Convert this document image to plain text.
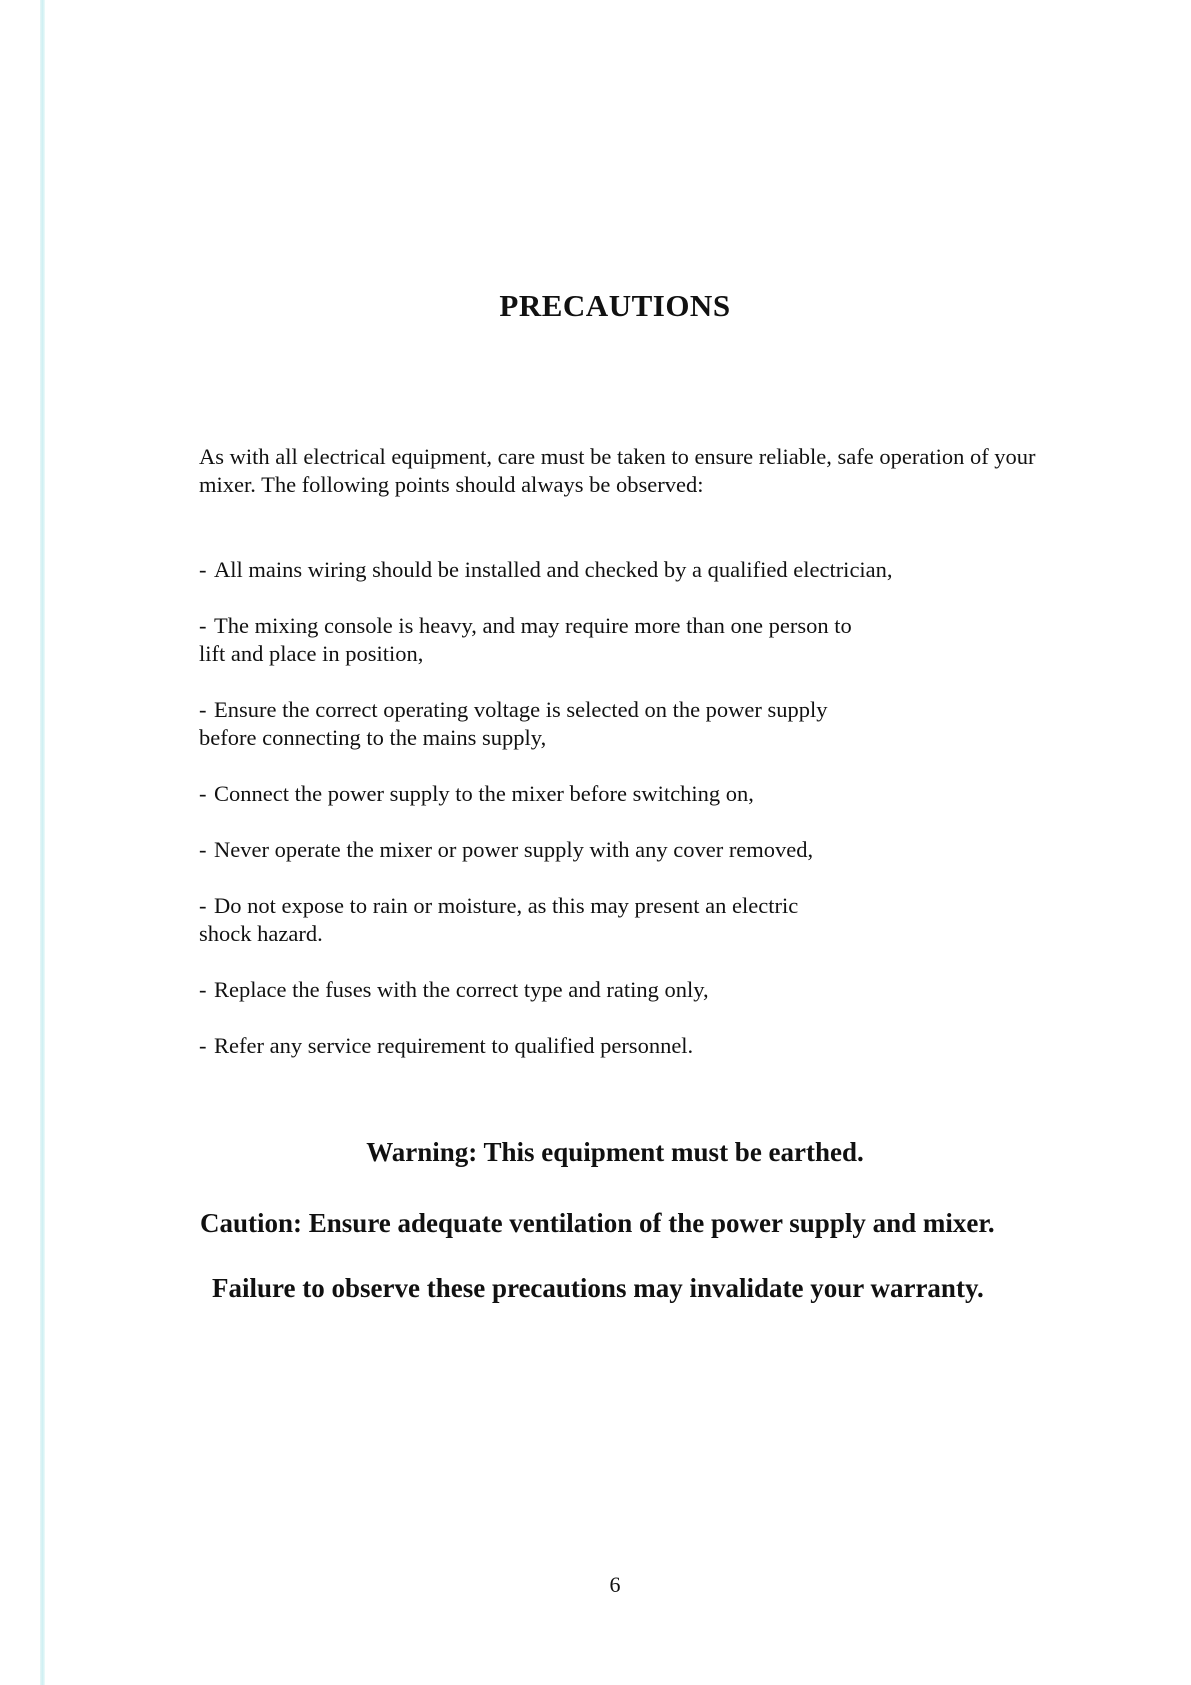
PRECAUTIONS

As with all electrical equipment, care must be taken to ensure reliable, safe operation of your mixer. The following points should always be observed:

- All mains wiring should be installed and checked by a qualified electrician,
- The mixing console is heavy, and may require more than one person to
lift and place in position,
- Ensure the correct operating voltage is selected on the power supply
before connecting to the mains supply,
- Connect the power supply to the mixer before switching on,
- Never operate the mixer or power supply with any cover removed,
- Do not expose to rain or moisture, as this may present an electric
shock hazard.
- Replace the fuses with the correct type and rating only,
- Refer any service requirement to qualified personnel.

Warning: This equipment must be earthed.

Caution: Ensure adequate ventilation of the power supply and mixer.

Failure to observe these precautions may invalidate your warranty.

6
